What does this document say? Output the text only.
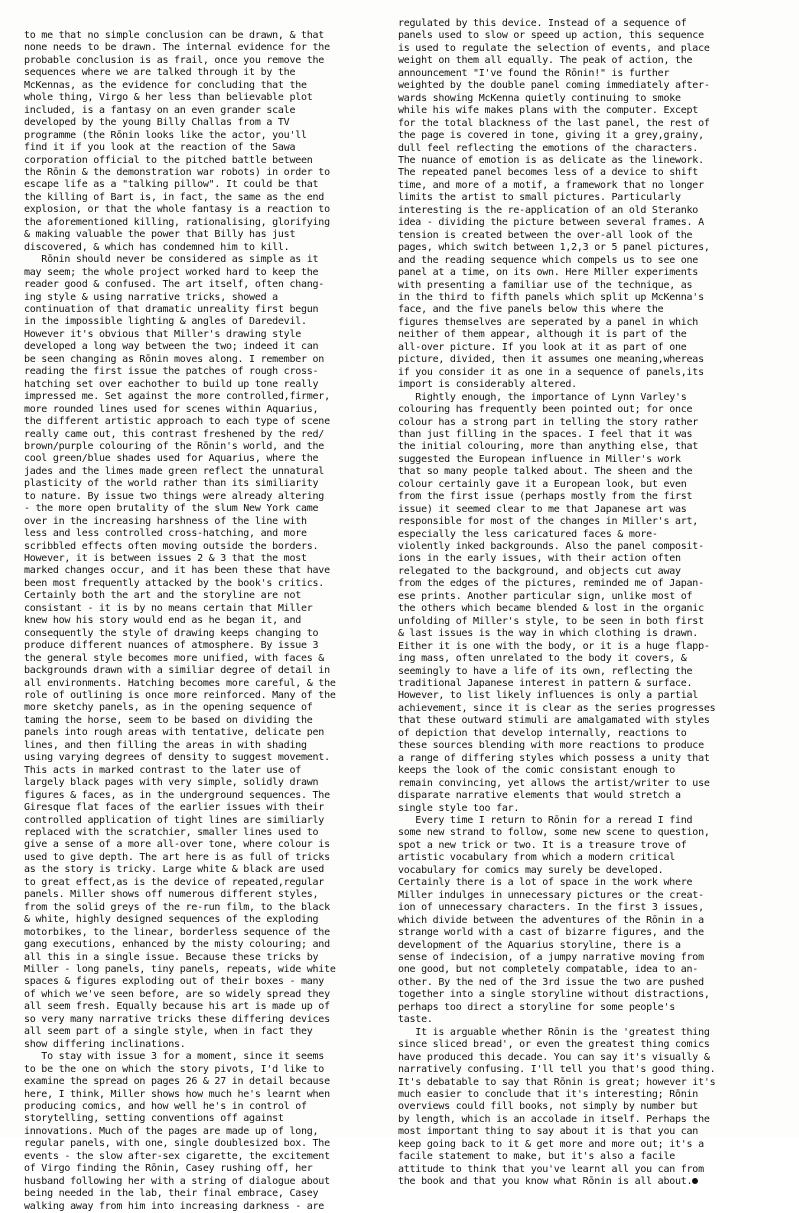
to me that no simple conclusion can be drawn, & that
none needs to be drawn. The internal evidence for the
probable conclusion is as frail, once you remove the
sequences where we are talked through it by the
McKennas, as the evidence for concluding that the
whole thing, Virgo & her less than believable plot
included, is a fantasy on an even grander scale
developed by the young Billy Challas from a TV
programme (the Rōnin looks like the actor, you'll
find it if you look at the reaction of the Sawa
corporation official to the pitched battle between
the Rōnin & the demonstration war robots) in order to
escape life as a "talking pillow". It could be that
the killing of Bart is, in fact, the same as the end
explosion, or that the whole fantasy is a reaction to
the aforementioned killing, rationalising, glorifying
& making valuable the power that Billy has just
discovered, & which has condemned him to kill.
Rōnin should never be considered as simple as it
may seem; the whole project worked hard to keep the
reader good & confused. The art itself, often chang-
ing style & using narrative tricks, showed a
continuation of that dramatic unreality first begun
in the impossible lighting & angles of Daredevil.
However it's obvious that Miller's drawing style
developed a long way between the two; indeed it can
be seen changing as Rōnin moves along. I remember on
reading the first issue the patches of rough cross-
hatching set over eachother to build up tone really
impressed me. Set against the more controlled,firmer,
more rounded lines used for scenes within Aquarius,
the different artistic approach to each type of scene
really came out, this contrast freshened by the red/
brown/purple colouring of the Rōnin's world, and the
cool green/blue shades used for Aquarius, where the
jades and the limes made green reflect the unnatural
plasticity of the world rather than its similiarity
to nature. By issue two things were already altering
- the more open brutality of the slum New York came
over in the increasing harshness of the line with
less and less controlled cross-hatching, and more
scribbled effects often moving outside the borders.
However, it is between issues 2 & 3 that the most
marked changes occur, and it has been these that have
been most frequently attacked by the book's critics.
Certainly both the art and the storyline are not
consistant - it is by no means certain that Miller
knew how his story would end as he began it, and
consequently the style of drawing keeps changing to
produce different nuances of atmosphere. By issue 3
the general style becomes more unified, with faces &
backgrounds drawn with a similiar degree of detail in
all environments. Hatching becomes more careful, & the
role of outlining is once more reinforced. Many of the
more sketchy panels, as in the opening sequence of
taming the horse, seem to be based on dividing the
panels into rough areas with tentative, delicate pen
lines, and then filling the areas in with shading
using varying degrees of density to suggest movement.
This acts in marked contrast to the later use of
largely black pages with very simple, solidly drawn
figures & faces, as in the underground sequences. The
Giresque flat faces of the earlier issues with their
controlled application of tight lines are similiarly
replaced with the scratchier, smaller lines used to
give a sense of a more all-over tone, where colour is
used to give depth. The art here is as full of tricks
as the story is tricky. Large white & black are used
to great effect,as is the device of repeated,regular
panels. Miller shows off numerous different styles,
from the solid greys of the re-run film, to the black
& white, highly designed sequences of the exploding
motorbikes, to the linear, borderless sequence of the
gang executions, enhanced by the misty colouring; and
all this in a single issue. Because these tricks by
Miller - long panels, tiny panels, repeats, wide white
spaces & figures exploding out of their boxes - many
of which we've seen before, are so widely spread they
all seem fresh. Equally because his art is made up of
so very many narrative tricks these differing devices
all seem part of a single style, when in fact they
show differing inclinations.
To stay with issue 3 for a moment, since it seems
to be the one on which the story pivots, I'd like to
examine the spread on pages 26 & 27 in detail because
here, I think, Miller shows how much he's learnt when
producing comics, and how well he's in control of
storytelling, setting conventions off against
innovations. Much of the pages are made up of long,
regular panels, with one, single doublesized box. The
events - the slow after-sex cigarette, the excitement
of Virgo finding the Rōnin, Casey rushing off, her
husband following her with a string of dialogue about
being needed in the lab, their final embrace, Casey
walking away from him into increasing darkness - are
regulated by this device. Instead of a sequence of
panels used to slow or speed up action, this sequence
is used to regulate the selection of events, and place
weight on them all equally. The peak of action, the
announcement "I've found the Rōnin!" is further
weighted by the double panel coming immediately after-
wards showing McKenna quietly continuing to smoke
while his wife makes plans with the computer. Except
for the total blackness of the last panel, the rest of
the page is covered in tone, giving it a grey,grainy,
dull feel reflecting the emotions of the characters.
The nuance of emotion is as delicate as the linework.
The repeated panel becomes less of a device to shift
time, and more of a motif, a framework that no longer
limits the artist to small pictures. Particularly
interesting is the re-application of an old Steranko
idea - dividing the picture between several frames. A
tension is created between the over-all look of the
pages, which switch between 1,2,3 or 5 panel pictures,
and the reading sequence which compels us to see one
panel at a time, on its own. Here Miller experiments
with presenting a familiar use of the technique, as
in the third to fifth panels which split up McKenna's
face, and the five panels below this where the
figures themselves are seperated by a panel in which
neither of them appear, although it is part of the
all-over picture. If you look at it as part of one
picture, divided, then it assumes one meaning,whereas
if you consider it as one in a sequence of panels,its
import is considerably altered.
Rightly enough, the importance of Lynn Varley's
colouring has frequently been pointed out; for once
colour has a strong part in telling the story rather
than just filling in the spaces. I feel that it was
the initial colouring, more than anything else, that
suggested the European influence in Miller's work
that so many people talked about. The sheen and the
colour certainly gave it a European look, but even
from the first issue (perhaps mostly from the first
issue) it seemed clear to me that Japanese art was
responsible for most of the changes in Miller's art,
especially the less caricatured faces & more-
violently inked backgrounds. Also the panel composit-
ions in the early issues, with their action often
relegated to the background, and objects cut away
from the edges of the pictures, reminded me of Japan-
ese prints. Another particular sign, unlike most of
the others which became blended & lost in the organic
unfolding of Miller's style, to be seen in both first
& last issues is the way in which clothing is drawn.
Either it is one with the body, or it is a huge flapp-
ing mass, often unrelated to the body it covers, &
seemingly to have a life of its own, reflecting the
traditional Japanese interest in pattern & surface.
However, to list likely influences is only a partial
achievement, since it is clear as the series progresses
that these outward stimuli are amalgamated with styles
of depiction that develop internally, reactions to
these sources blending with more reactions to produce
a range of differing styles which possess a unity that
keeps the look of the comic consistant enough to
remain convincing, yet allows the artist/writer to use
disparate narrative elements that would stretch a
single style too far.
Every time I return to Rōnin for a reread I find
some new strand to follow, some new scene to question,
spot a new trick or two. It is a treasure trove of
artistic vocabulary from which a modern critical
vocabulary for comics may surely be developed.
Certainly there is a lot of space in the work where
Miller indulges in unnecessary pictures or the creat-
ion of unnecessary characters. In the first 3 issues,
which divide between the adventures of the Rōnin in a
strange world with a cast of bizarre figures, and the
development of the Aquarius storyline, there is a
sense of indecision, of a jumpy narrative moving from
one good, but not completely compatable, idea to an-
other. By the ned of the 3rd issue the two are pushed
together into a single storyline without distractions,
perhaps too direct a storyline for some people's
taste.
It is arguable whether Rōnin is the 'greatest thing
since sliced bread', or even the greatest thing comics
have produced this decade. You can say it's visually &
narratively confusing. I'll tell you that's good thing.
It's debatable to say that Rōnin is great; however it's
much easier to conclude that it's interesting; Rōnin
overviews could fill books, not simply by number but
by length, which is an accolade in itself. Perhaps the
most important thing to say about it is that you can
keep going back to it & get more and more out; it's a
facile statement to make, but it's also a facile
attitude to think that you've learnt all you can from
the book and that you know what Rōnin is all about.
